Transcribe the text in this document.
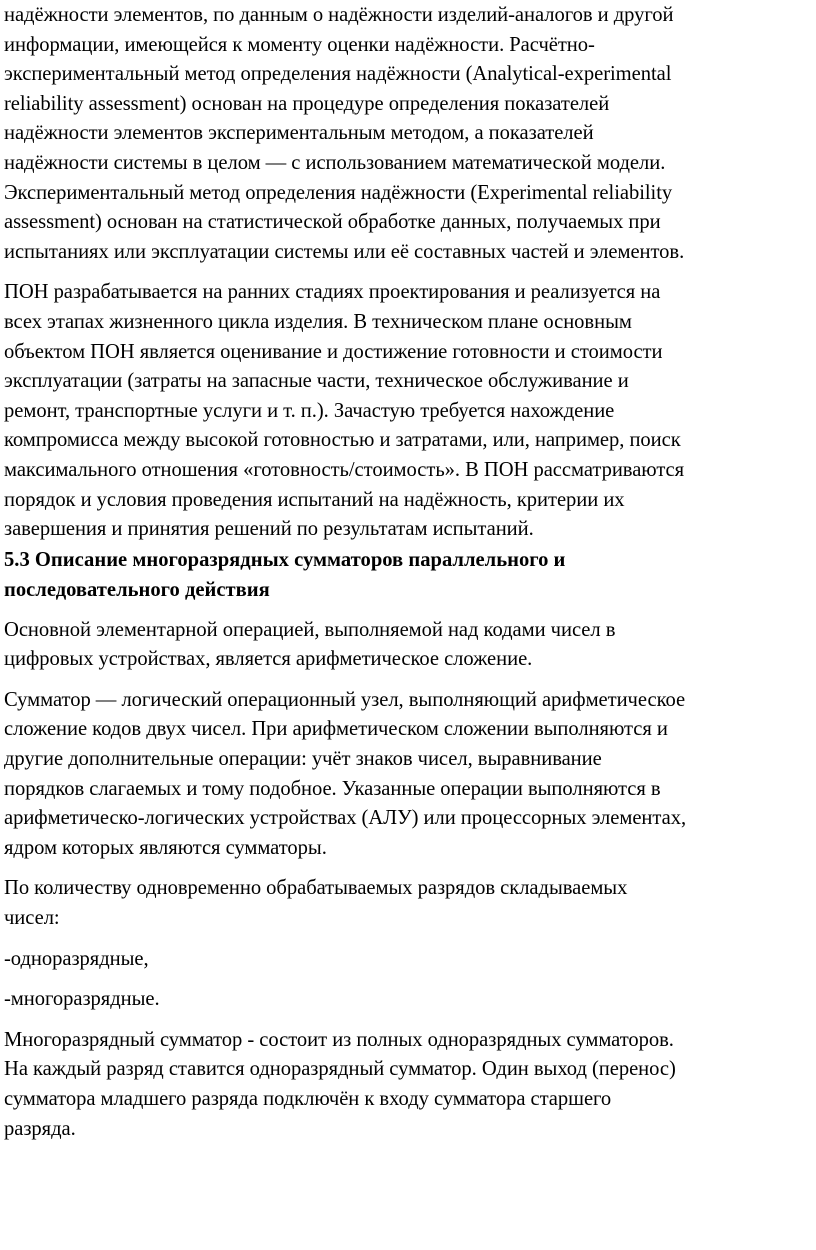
надёжности элементов, по данным о надёжности изделий-аналогов и другой
информации, имеющейся к моменту оценки надёжности. Расчётно-
экспериментальный метод определения надёжности (Analytical-experimental
reliability assessment) основан на процедуре определения показателей
надёжности элементов экспериментальным методом, а показателей
надёжности системы в целом — с использованием математической модели.
Экспериментальный метод определения надёжности (Experimental reliability
assessment) основан на статистической обработке данных, получаемых при
испытаниях или эксплуатации системы или её составных частей и элементов.

ПОН разрабатывается на ранних стадиях проектирования и реализуется на
всех этапах жизненного цикла изделия. В техническом плане основным
объектом ПОН является оценивание и достижение готовности и стоимости
эксплуатации (затраты на запасные части, техническое обслуживание и
ремонт, транспортные услуги и т. п.). Зачастую требуется нахождение
компромисса между высокой готовностью и затратами, или, например, поиск
максимального отношения «готовность/стоимость». В ПОН рассматриваются
порядок и условия проведения испытаний на надёжность, критерии их
завершения и принятия решений по результатам испытаний.

5.3 Описание многоразрядных сумматоров параллельного и
последовательного действия

Основной элементарной операцией, выполняемой над кодами чисел в
цифровых устройствах, является арифметическое сложение.

Сумматор — логический операционный узел, выполняющий арифметическое
сложение кодов двух чисел. При арифметическом сложении выполняются и
другие дополнительные операции: учёт знаков чисел, выравнивание
порядков слагаемых и тому подобное. Указанные операции выполняются в
арифметическо-логических устройствах (АЛУ) или процессорных элементах,
ядром которых являются сумматоры.

По количеству одновременно обрабатываемых разрядов складываемых
чисел:

-одноразрядные,

-многоразрядные.

Многоразрядный сумматор - состоит из полных одноразрядных сумматоров.
На каждый разряд ставится одноразрядный сумматор. Один выход (перенос)
сумматора младшего разряда подключён к входу сумматора старшего
разряда.
